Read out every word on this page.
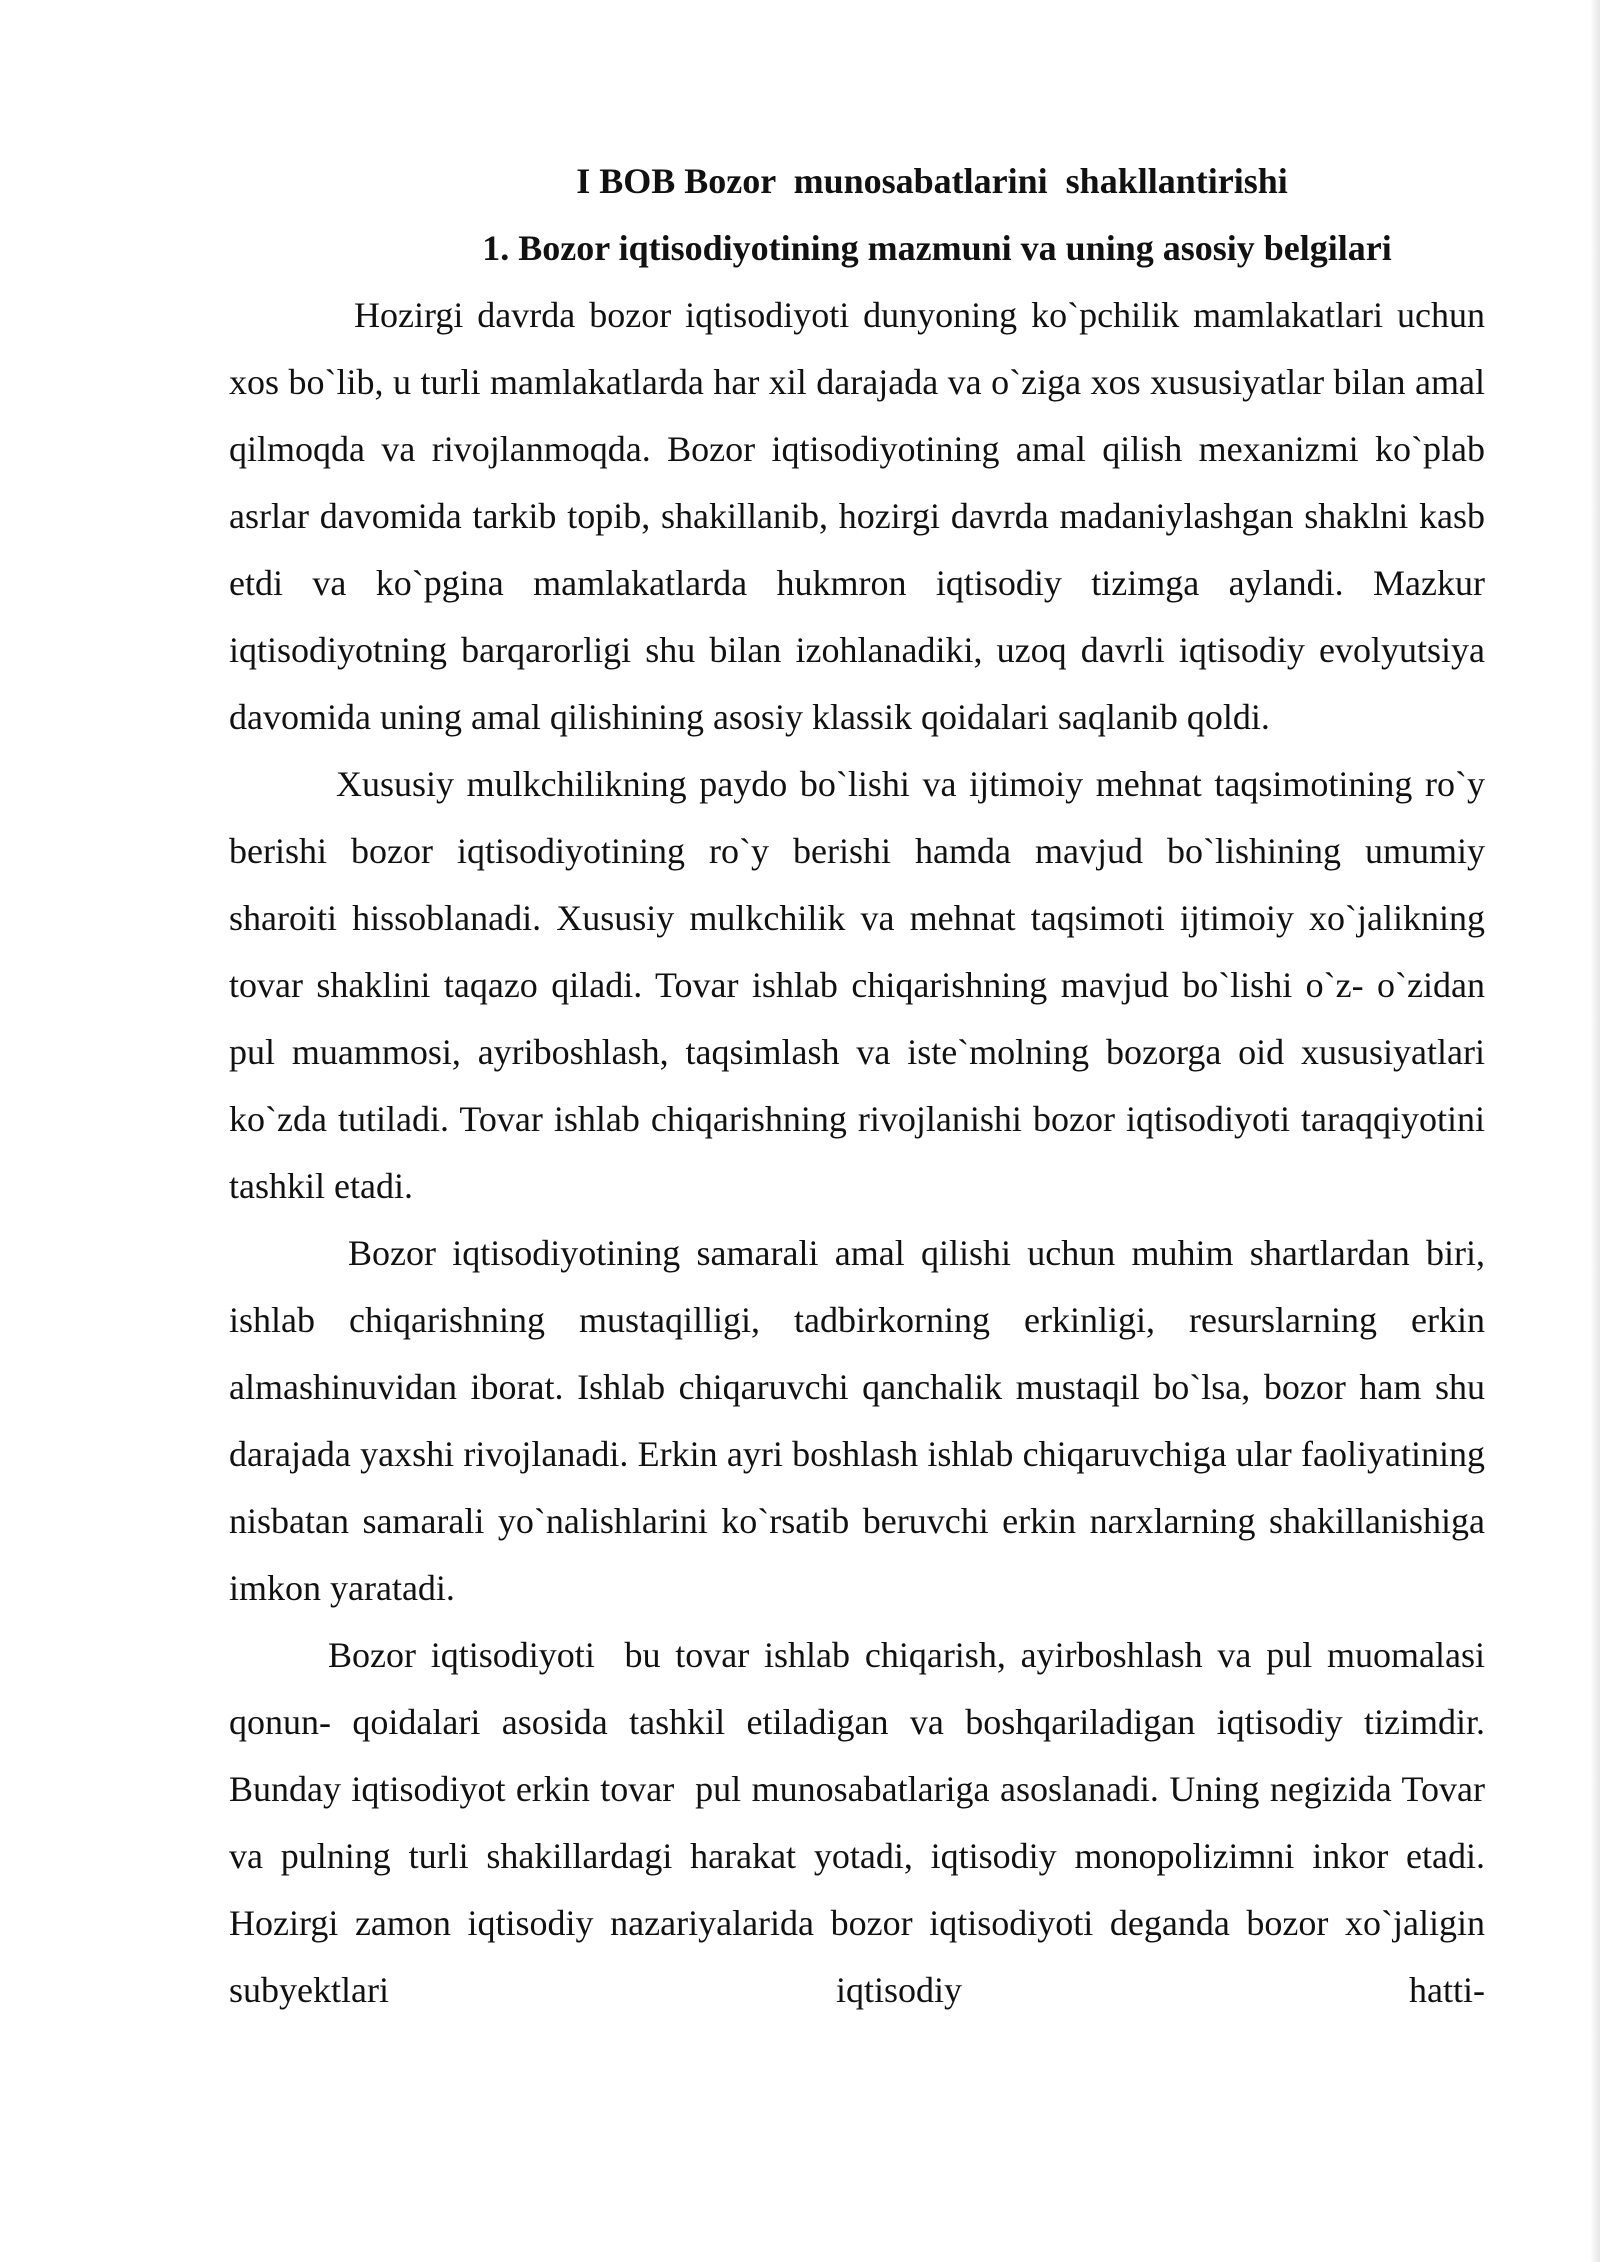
I BOB Bozor  munosabatlarini  shakllantirishi
1. Bozor iqtisodiyotining mazmuni va uning asosiy belgilari

Hozirgi davrda bozor iqtisodiyoti dunyoning ko`pchilik mamlakatlari uchun xos bo`lib, u turli mamlakatlarda har xil darajada va o`ziga xos xususiyatlar bilan amal qilmoqda va rivojlanmoqda. Bozor iqtisodiyotining amal qilish mexanizmi ko`plab asrlar davomida tarkib topib, shakillanib, hozirgi davrda madaniylashgan shaklni kasb etdi va ko`pgina mamlakatlarda hukmron iqtisodiy tizimga aylandi. Mazkur iqtisodiyotning barqarorligi shu bilan izohlanadiki, uzoq davrli iqtisodiy evolyutsiya davomida uning amal qilishining asosiy klassik qoidalari saqlanib qoldi.

Xususiy mulkchilikning paydo bo`lishi va ijtimoiy mehnat taqsimotining ro`y berishi bozor iqtisodiyotining ro`y berishi hamda mavjud bo`lishining umumiy  sharoiti hissoblanadi. Xususiy mulkchilik va mehnat taqsimoti ijtimoiy xo`jalikning tovar shaklini taqazo qiladi. Tovar ishlab chiqarishning mavjud bo`lishi o`z- o`zidan pul muammosi, ayriboshlash, taqsimlash va iste`molning bozorga oid xususiyatlari ko`zda tutiladi. Tovar ishlab chiqarishning rivojlanishi bozor iqtisodiyoti taraqqiyotini tashkil etadi.

Bozor iqtisodiyotining samarali amal qilishi uchun muhim shartlardan biri, ishlab chiqarishning mustaqilligi, tadbirkorning erkinligi, resurslarning erkin almashinuvidan iborat. Ishlab chiqaruvchi qanchalik mustaqil bo`lsa, bozor ham shu darajada yaxshi rivojlanadi. Erkin ayri boshlash ishlab chiqaruvchiga ular faoliyatining nisbatan samarali yo`nalishlarini ko`rsatib beruvchi erkin narxlarning shakillanishiga imkon yaratadi.

Bozor iqtisodiyoti  bu tovar ishlab chiqarish, ayirboshlash va pul muomalasi qonun- qoidalari asosida tashkil etiladigan va boshqariladigan iqtisodiy tizimdir. Bunday iqtisodiyot erkin tovar  pul munosabatlariga asoslanadi. Uning negizida Tovar va pulning turli shakillardagi harakat yotadi, iqtisodiy monopolizimni inkor etadi. Hozirgi zamon iqtisodiy nazariyalarida bozor iqtisodiyoti deganda bozor xo`jaligin subyektlari iqtisodiy hatti-
